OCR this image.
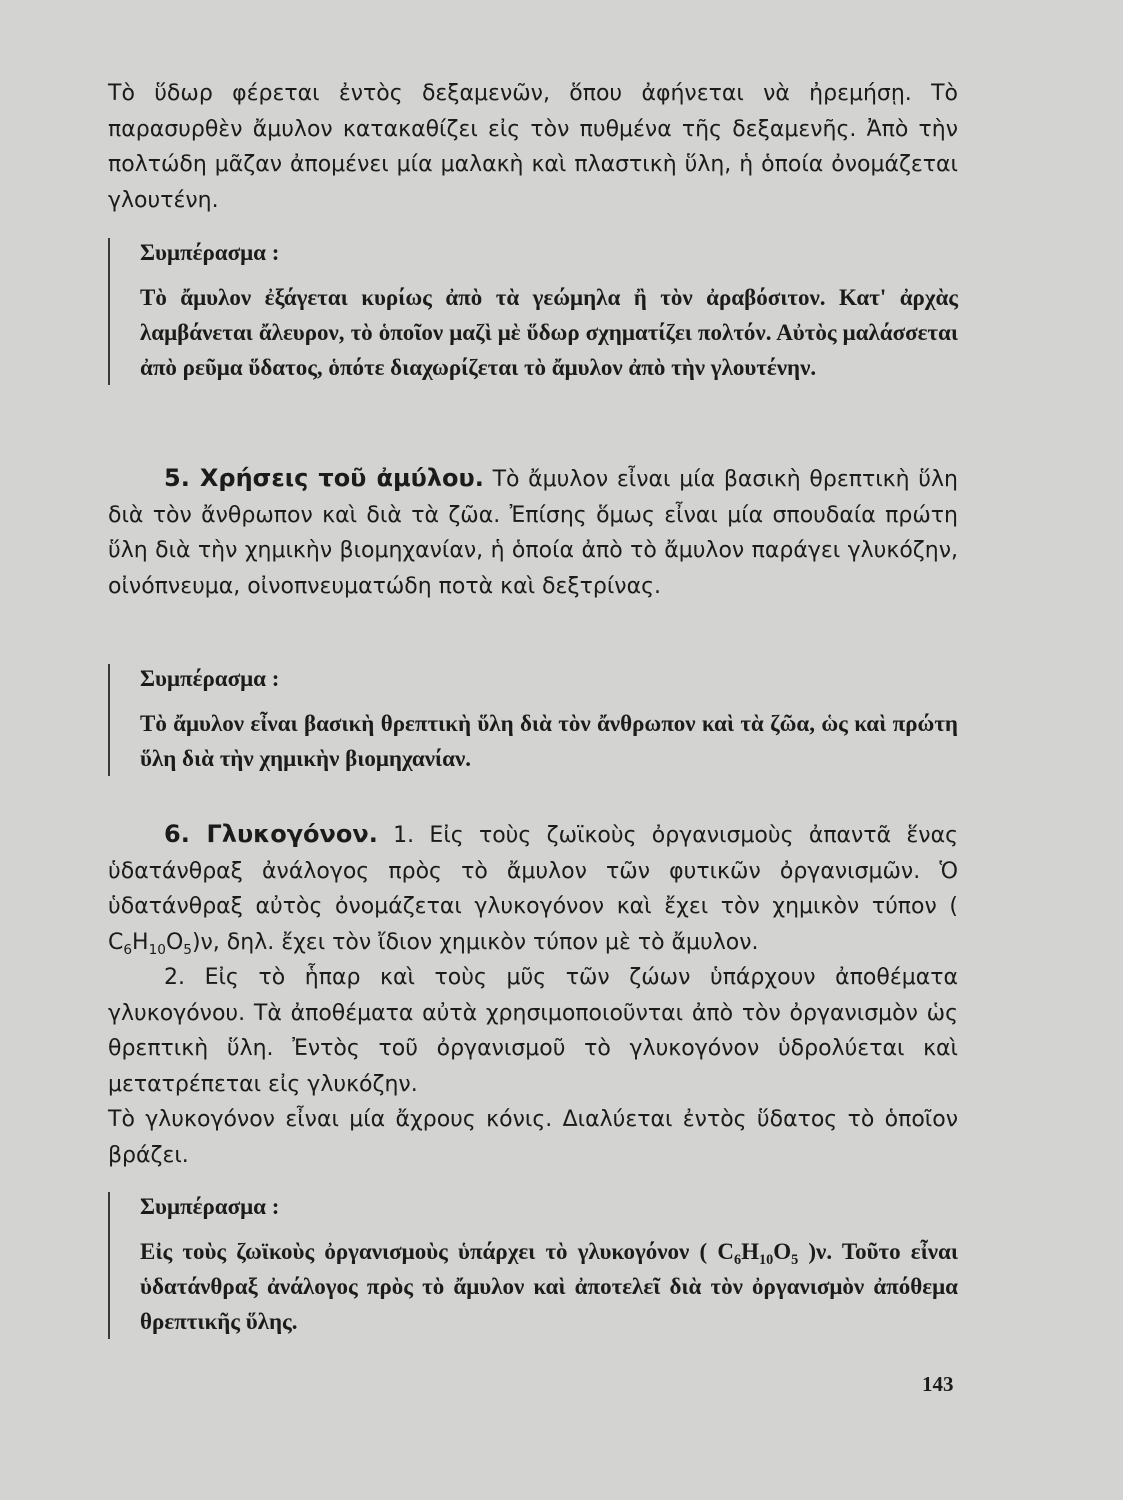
Τὸ ὕδωρ φέρεται ἐντὸς δεξαμενῶν, ὅπου ἀφήνεται νὰ ἠρεμήσῃ. Τὸ παρασυρθὲν ἄμυλον κατακαθίζει εἰς τὸν πυθμένα τῆς δεξαμενῆς. Ἀπὸ τὴν πολτώδη μᾶζαν ἀπομένει μία μαλακὴ καὶ πλαστικὴ ὕλη, ἡ ὁποία ὀνομάζεται γλουτένη.

Συμπέρασμα :

Τὸ ἄμυλον ἐξάγεται κυρίως ἀπὸ τὰ γεώμηλα ἢ τὸν ἀραβόσιτον. Κατ' ἀρχὰς λαμβάνεται ἄλευρον, τὸ ὁποῖον μαζὶ μὲ ὕδωρ σχηματίζει πολτόν. Αὐτὸς μαλάσσεται ἀπὸ ρεῦμα ὕδατος, ὁπότε διαχωρίζεται τὸ ἄμυλον ἀπὸ τὴν γλουτένην.

5. Χρήσεις τοῦ ἀμύλου. Τὸ ἄμυλον εἶναι μία βασικὴ θρεπτικὴ ὕλη διὰ τὸν ἄνθρωπον καὶ διὰ τὰ ζῶα. Ἐπίσης ὅμως εἶναι μία σπουδαία πρώτη ὕλη διὰ τὴν χημικὴν βιομηχανίαν, ἡ ὁποία ἀπὸ τὸ ἄμυλον παράγει γλυκόζην, οἰνόπνευμα, οἰνοπνευματώδη ποτὰ καὶ δεξτρίνας.

Συμπέρασμα :

Τὸ ἄμυλον εἶναι βασικὴ θρεπτικὴ ὕλη διὰ τὸν ἄνθρωπον καὶ τὰ ζῶα, ὡς καὶ πρώτη ὕλη διὰ τὴν χημικὴν βιομηχανίαν.

6. Γλυκογόνον. 1. Εἰς τοὺς ζωϊκοὺς ὀργανισμοὺς ἀπαντᾶ ἕνας ὑδατάνθραξ ἀνάλογος πρὸς τὸ ἄμυλον τῶν φυτικῶν ὀργανισμῶν. Ὁ ὑδατάνθραξ αὐτὸς ὀνομάζεται γλυκογόνον καὶ ἔχει τὸν χημικὸν τύπον ( $C_6H_{10}O_5)\nu$, δηλ. ἔχει τὸν ἴδιον χημικὸν τύπον μὲ τὸ ἄμυλον.

2. Εἰς τὸ ἧπαρ καὶ τοὺς μῦς τῶν ζώων ὑπάρχουν ἀποθέματα γλυκογόνου. Τὰ ἀποθέματα αὐτὰ χρησιμοποιοῦνται ἀπὸ τὸν ὀργανισμὸν ὡς θρεπτικὴ ὕλη. Ἐντὸς τοῦ ὀργανισμοῦ τὸ γλυκογόνον ὑδρολύεται καὶ μετατρέπεται εἰς γλυκόζην.

Τὸ γλυκογόνον εἶναι μία ἄχρους κόνις. Διαλύεται ἐντὸς ὕδατος τὸ ὁποῖον βράζει.

Συμπέρασμα :

Εἰς τοὺς ζωϊκοὺς ὀργανισμοὺς ὑπάρχει τὸ γλυκογόνον ( $C_6H_{10}O_5$ )ν. Τοῦτο εἶναι ὑδατάνθραξ ἀνάλογος πρὸς τὸ ἄμυλον καὶ ἀποτελεῖ διὰ τὸν ὀργανισμὸν ἀπόθεμα θρεπτικῆς ὕλης.

143
